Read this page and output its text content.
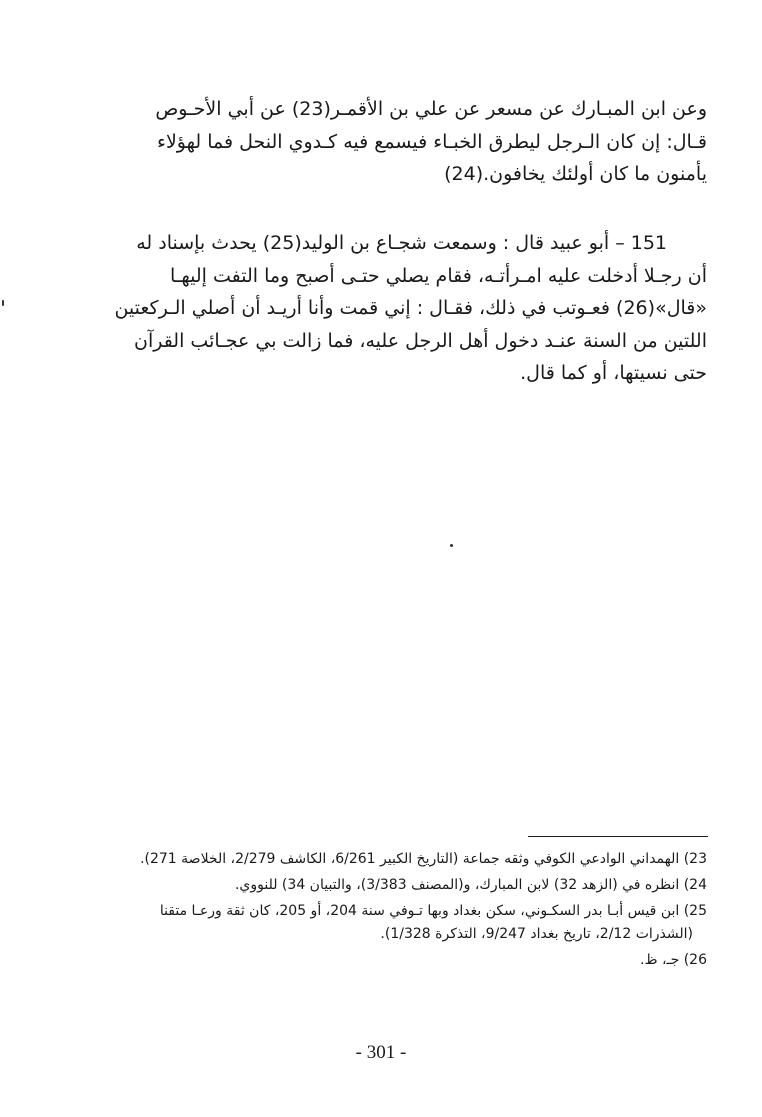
وعن ابن المبـارك عن مسعر عن علي بن الأقمـر(23) عن أبي الأحـوص
قـال: إن كان الـرجل ليطرق الخبـاء فيسمع فيه كـدوي النحل فما لهؤلاء
يأمنون ما كان أولئك يخافون.(24)

151 – أبو عبيد قال : وسمعت شجـاع بن الوليد(25) يحدث بإسناد له
أن رجـلا أدخلت عليه امـرأتـه، فقام يصلي حتـى أصبح وما التفت إليهـا
«قال»(26) فعـوتب في ذلك، فقـال : إني قمت وأنا أريـد أن أصلي الـركعتين
اللتين من السنة عنـد دخول أهل الرجل عليه، فما زالت بي عجـائب القرآن
حتى نسيتها، أو كما قال.

23) الهمداني الوادعي الكوفي وثقه جماعة (التاريخ الكبير 6/261، الكاشف 2/279، الخلاصة 271).
24) انظره في (الزهد 32) لابن المبارك، و(المصنف 3/383)، والتبيان 34) للنووي.
25) ابن قيس أبـا بدر السكـوني، سكن بغداد وبها تـوفي سنة 204، أو 205، كان ثقة ورعـا متقنا
(الشذرات 2/12، تاريخ بغداد 9/247، التذكرة 1/328).
26) جـ، ظ.
- 301 -
